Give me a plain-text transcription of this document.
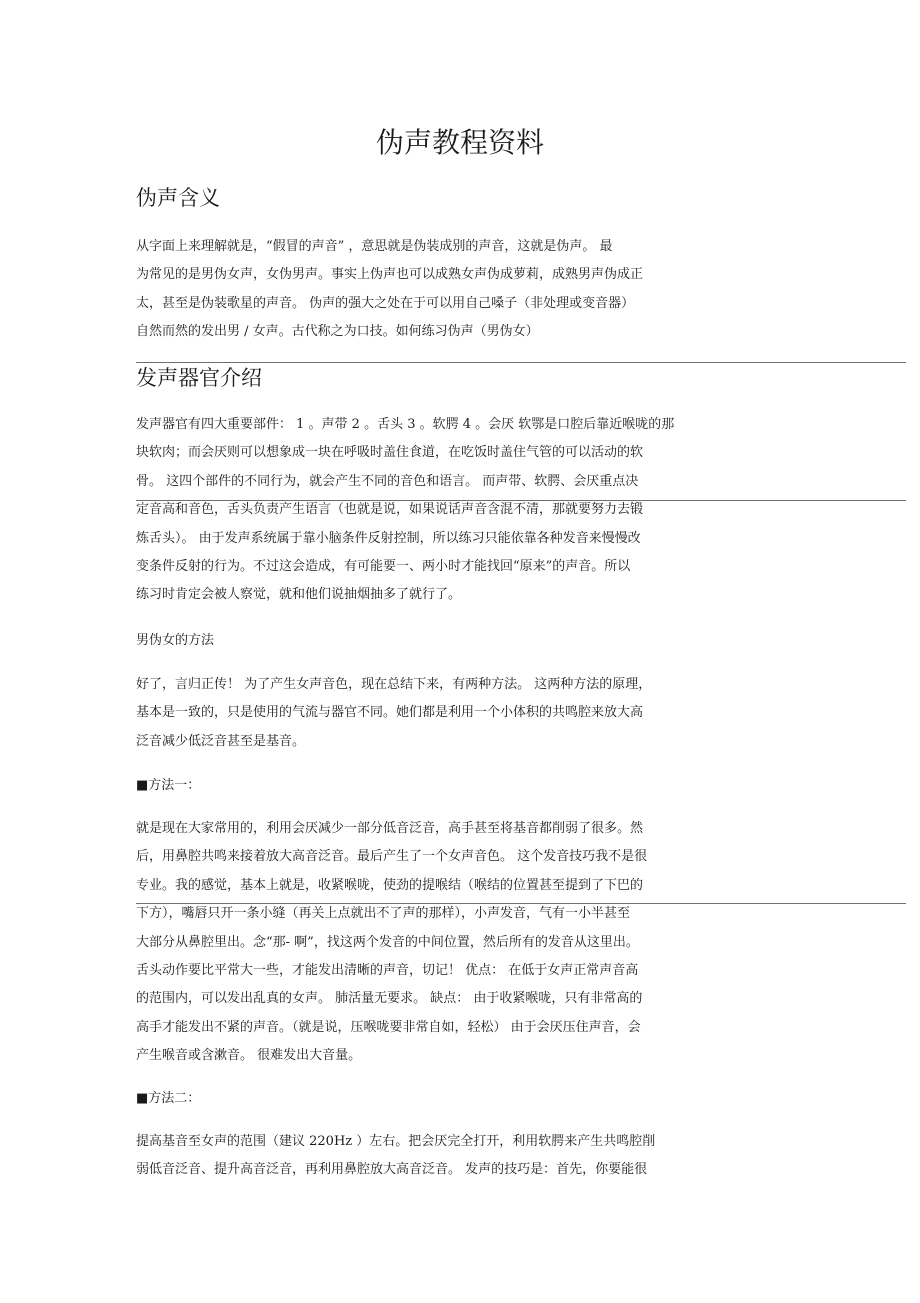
伪声教程资料
伪声含义
从字面上来理解就是，“假冒的声音” ，意思就是伪装成别的声音，这就是伪声。 最
为常见的是男伪女声，女伪男声。事实上伪声也可以成熟女声伪成萝莉，成熟男声伪成正
太，甚至是伪装歌星的声音。 伪声的强大之处在于可以用自己嗓子（非处理或变音器）
自然而然的发出男 / 女声。古代称之为口技。如何练习伪声（男伪女）
发声器官介绍
发声器官有四大重要部件： 1 。声带 2 。舌头 3 。软腭 4 。会厌 软鄂是口腔后靠近喉咙的那
块软肉；而会厌则可以想象成一块在呼吸时盖住食道，在吃饭时盖住气管的可以活动的软
骨。 这四个部件的不同行为，就会产生不同的音色和语言。 而声带、软腭、会厌重点决
定音高和音色，舌头负责产生语言（也就是说，如果说话声音含混不清，那就要努力去锻
炼舌头）。 由于发声系统属于靠小脑条件反射控制，所以练习只能依靠各种发音来慢慢改
变条件反射的行为。不过这会造成，有可能要一、两小时才能找回“原来”的声音。所以
练习时肯定会被人察觉，就和他们说抽烟抽多了就行了。
男伪女的方法
好了，言归正传！ 为了产生女声音色，现在总结下来，有两种方法。 这两种方法的原理，
基本是一致的，只是使用的气流与器官不同。她们都是利用一个小体积的共鸣腔来放大高
泛音减少低泛音甚至是基音。
■方法一：
就是现在大家常用的，利用会厌减少一部分低音泛音，高手甚至将基音都削弱了很多。然
后，用鼻腔共鸣来接着放大高音泛音。最后产生了一个女声音色。 这个发音技巧我不是很
专业。我的感觉，基本上就是，收紧喉咙，使劲的提喉结（喉结的位置甚至提到了下巴的
下方），嘴唇只开一条小缝（再关上点就出不了声的那样），小声发音，气有一小半甚至
大部分从鼻腔里出。念“那- 啊”，找这两个发音的中间位置，然后所有的发音从这里出。
舌头动作要比平常大一些，才能发出清晰的声音，切记！ 优点： 在低于女声正常声音高
的范围内，可以发出乱真的女声。 肺活量无要求。 缺点： 由于收紧喉咙，只有非常高的
高手才能发出不紧的声音。（就是说，压喉咙要非常自如，轻松） 由于会厌压住声音，会
产生喉音或含漱音。 很难发出大音量。
■方法二：
提高基音至女声的范围（建议 220Hz ）左右。把会厌完全打开，利用软腭来产生共鸣腔削
弱低音泛音、提升高音泛音，再利用鼻腔放大高音泛音。 发声的技巧是：首先，你要能很
